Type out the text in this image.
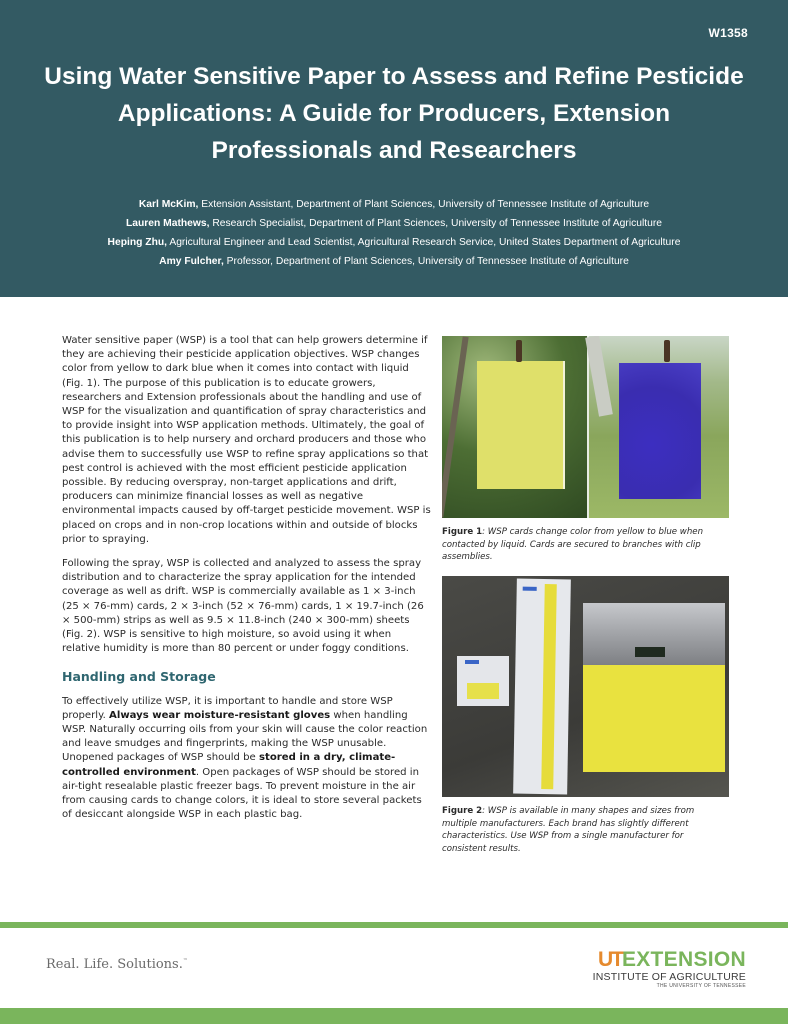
W1358
Using Water Sensitive Paper to Assess and Refine Pesticide Applications: A Guide for Producers, Extension Professionals and Researchers
Karl McKim, Extension Assistant, Department of Plant Sciences, University of Tennessee Institute of Agriculture
Lauren Mathews, Research Specialist, Department of Plant Sciences, University of Tennessee Institute of Agriculture
Heping Zhu, Agricultural Engineer and Lead Scientist, Agricultural Research Service, United States Department of Agriculture
Amy Fulcher, Professor, Department of Plant Sciences, University of Tennessee Institute of Agriculture

Water sensitive paper (WSP) is a tool that can help growers determine if they are achieving their pesticide application objectives. WSP changes color from yellow to dark blue when it comes into contact with liquid (Fig. 1). The purpose of this publication is to educate growers, researchers and Extension professionals about the handling and use of WSP for the visualization and quantification of spray characteristics and to provide insight into WSP application methods. Ultimately, the goal of this publication is to help nursery and orchard producers and those who advise them to successfully use WSP to refine spray applications so that pest control is achieved with the most efficient pesticide application possible. By reducing overspray, non-target applications and drift, producers can minimize financial losses as well as negative environmental impacts caused by off-target pesticide movement. WSP is placed on crops and in non-crop locations within and outside of blocks prior to spraying.

Following the spray, WSP is collected and analyzed to assess the spray distribution and to characterize the spray application for the intended coverage as well as drift. WSP is commercially available as 1 × 3-inch (25 × 76-mm) cards, 2 × 3-inch (52 × 76-mm) cards, 1 × 19.7-inch (26 × 500-mm) strips as well as 9.5 × 11.8-inch (240 × 300-mm) sheets (Fig. 2). WSP is sensitive to high moisture, so avoid using it when relative humidity is more than 80 percent or under foggy conditions.

Handling and Storage

To effectively utilize WSP, it is important to handle and store WSP properly. Always wear moisture-resistant gloves when handling WSP. Naturally occurring oils from your skin will cause the color reaction and leave smudges and fingerprints, making the WSP unusable. Unopened packages of WSP should be stored in a dry, climate-controlled environment. Open packages of WSP should be stored in air-tight resealable plastic freezer bags. To prevent moisture in the air from causing cards to change colors, it is ideal to store several packets of desiccant alongside WSP in each plastic bag.

Figure 1: WSP cards change color from yellow to blue when contacted by liquid. Cards are secured to branches with clip assemblies.
Figure 2: WSP is available in many shapes and sizes from multiple manufacturers. Each brand has slightly different characteristics. Use WSP from a single manufacturer for consistent results.
Real. Life. Solutions.™	UT EXTENSION
INSTITUTE OF AGRICULTURE
THE UNIVERSITY OF TENNESSEE
